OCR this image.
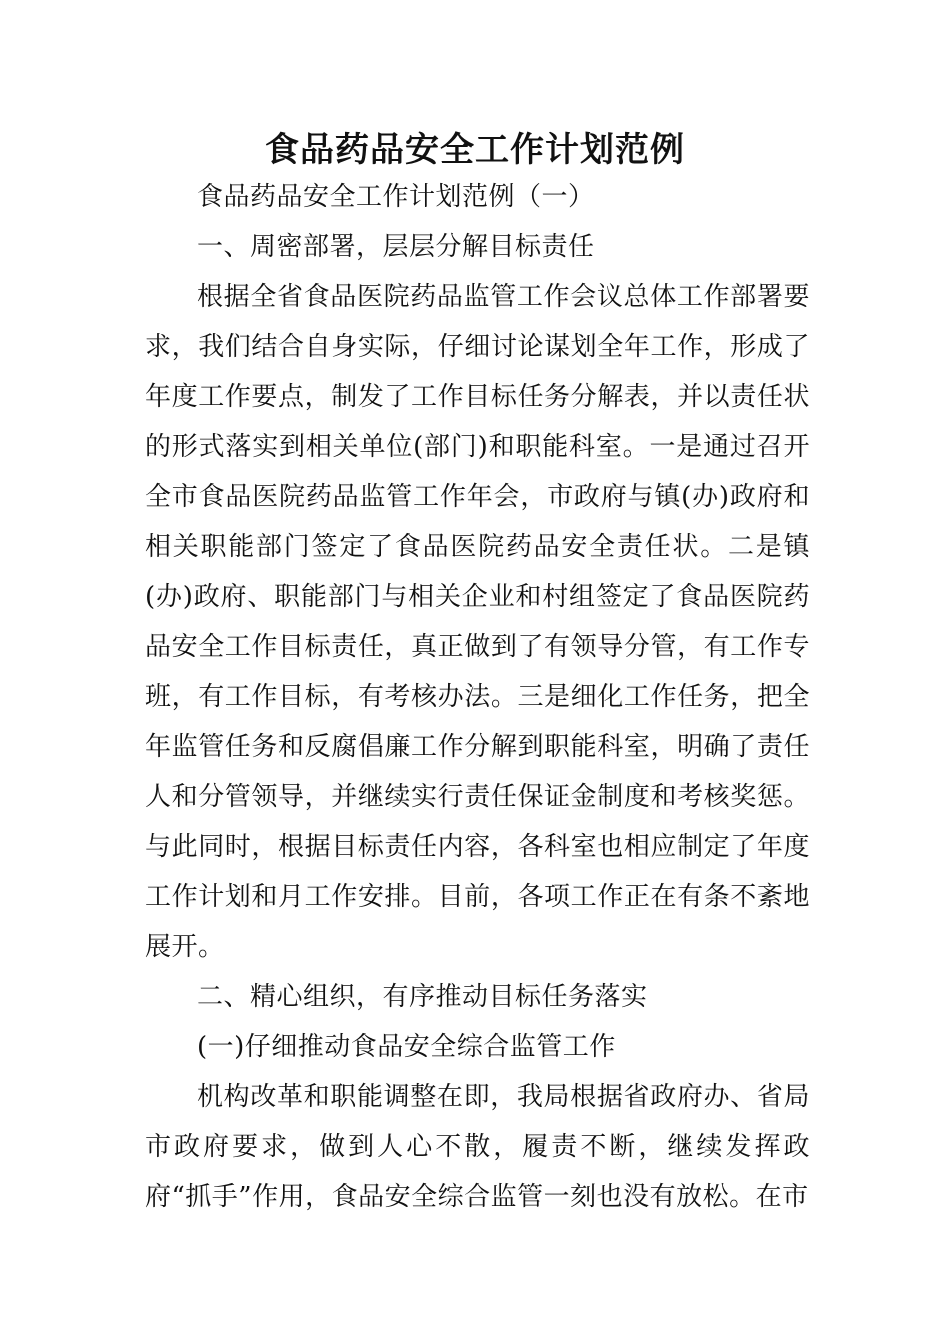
食品药品安全工作计划范例

食品药品安全工作计划范例（一）

一、周密部署，层层分解目标责任

根据全省食品医院药品监管工作会议总体工作部署要求，我们结合自身实际，仔细讨论谋划全年工作，形成了年度工作要点，制发了工作目标任务分解表，并以责任状的形式落实到相关单位(部门)和职能科室。一是通过召开全市食品医院药品监管工作年会，市政府与镇(办)政府和相关职能部门签定了食品医院药品安全责任状。二是镇(办)政府、职能部门与相关企业和村组签定了食品医院药品安全工作目标责任，真正做到了有领导分管，有工作专班，有工作目标，有考核办法。三是细化工作任务，把全年监管任务和反腐倡廉工作分解到职能科室，明确了责任人和分管领导，并继续实行责任保证金制度和考核奖惩。与此同时，根据目标责任内容，各科室也相应制定了年度工作计划和月工作安排。目前，各项工作正在有条不紊地展开。

二、精心组织，有序推动目标任务落实

(一)仔细推动食品安全综合监管工作

机构改革和职能调整在即，我局根据省政府办、省局市政府要求，做到人心不散，履责不断，继续发挥政府“抓手”作用，食品安全综合监管一刻也没有放松。在市
